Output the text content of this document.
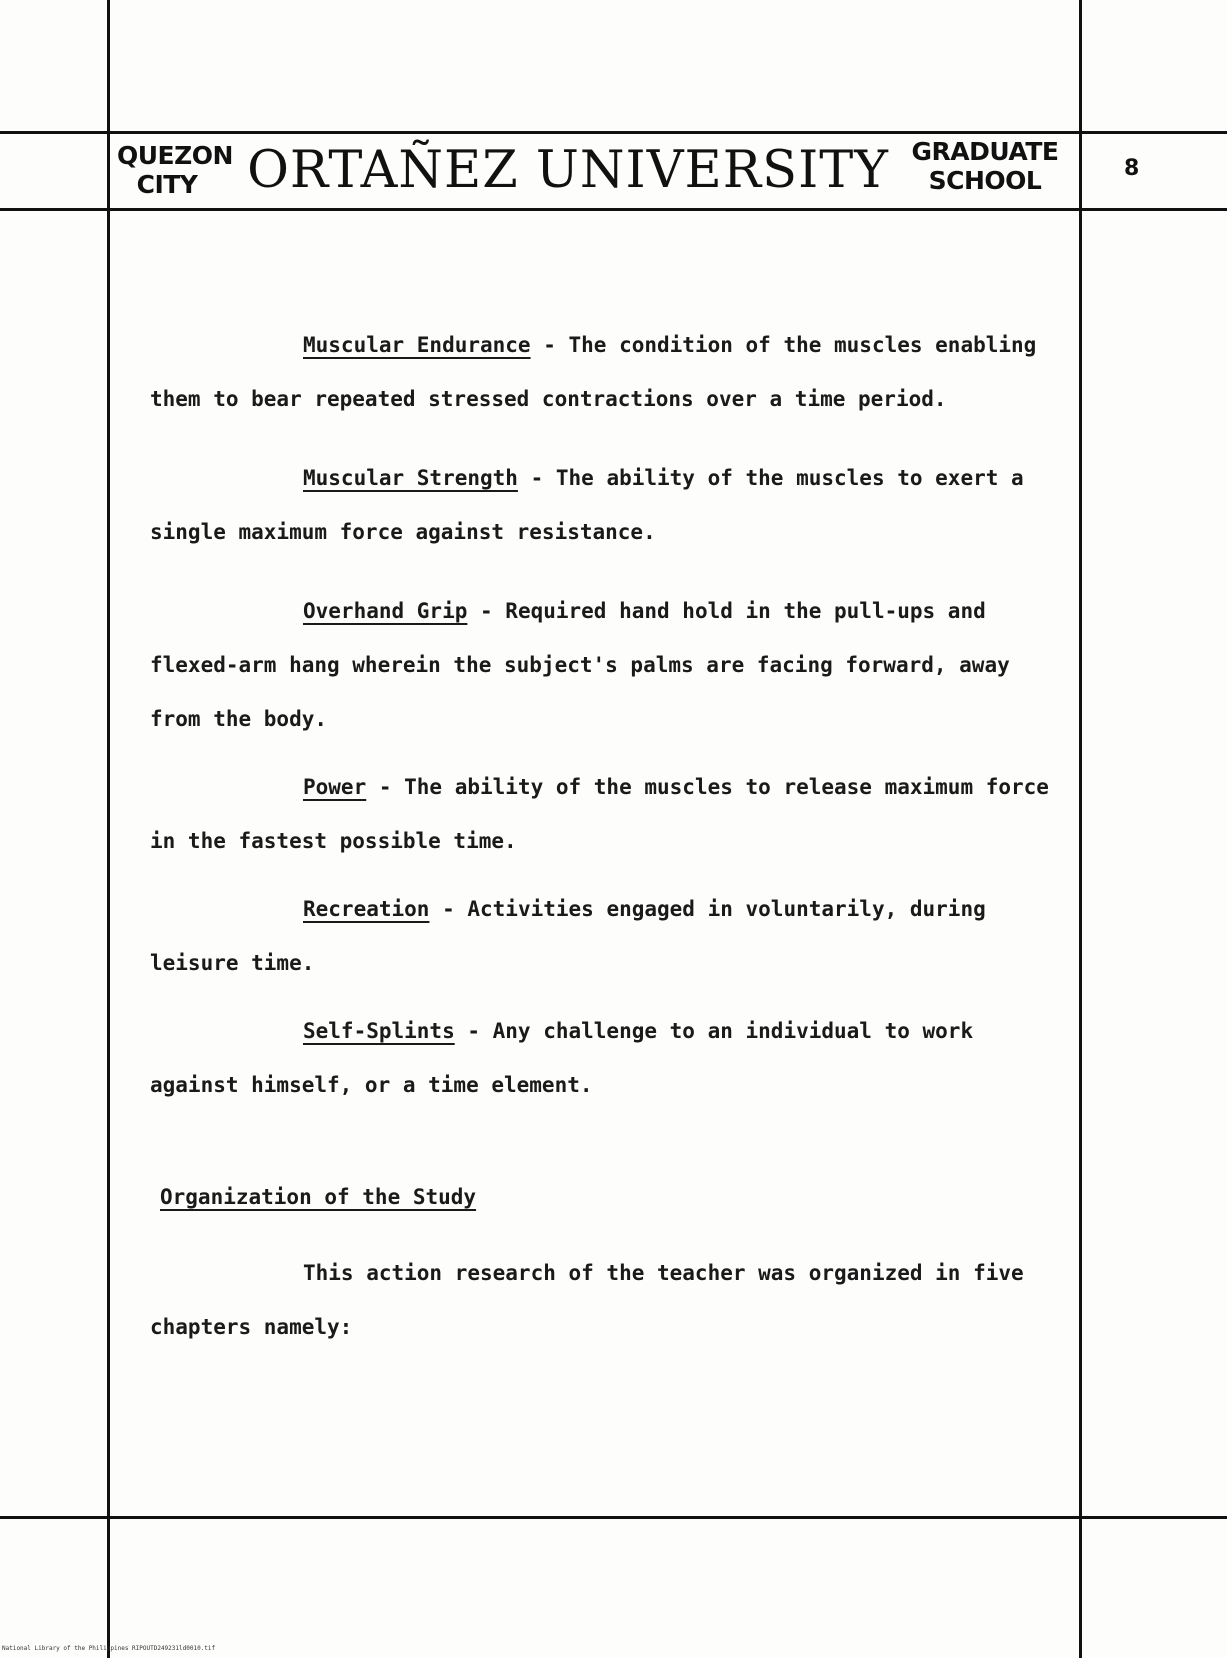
QUEZON
CITY ORTAÑEZ UNIVERSITY GRADUATE
SCHOOL	8

Muscular Endurance - The condition of the muscles enabling them to bear repeated stressed contractions over a time period.

Muscular Strength - The ability of the muscles to exert a single maximum force against resistance.

Overhand Grip - Required hand hold in the pull-ups and flexed-arm hang wherein the subject's palms are facing forward, away from the body.

Power - The ability of the muscles to release maximum force in the fastest possible time.

Recreation - Activities engaged in voluntarily, during leisure time.

Self-Splints - Any challenge to an individual to work against himself, or a time element.

Organization of the Study

This action research of the teacher was organized in five chapters namely:

National Library of the Philippines RIPOUTD249231ld0010.tif
